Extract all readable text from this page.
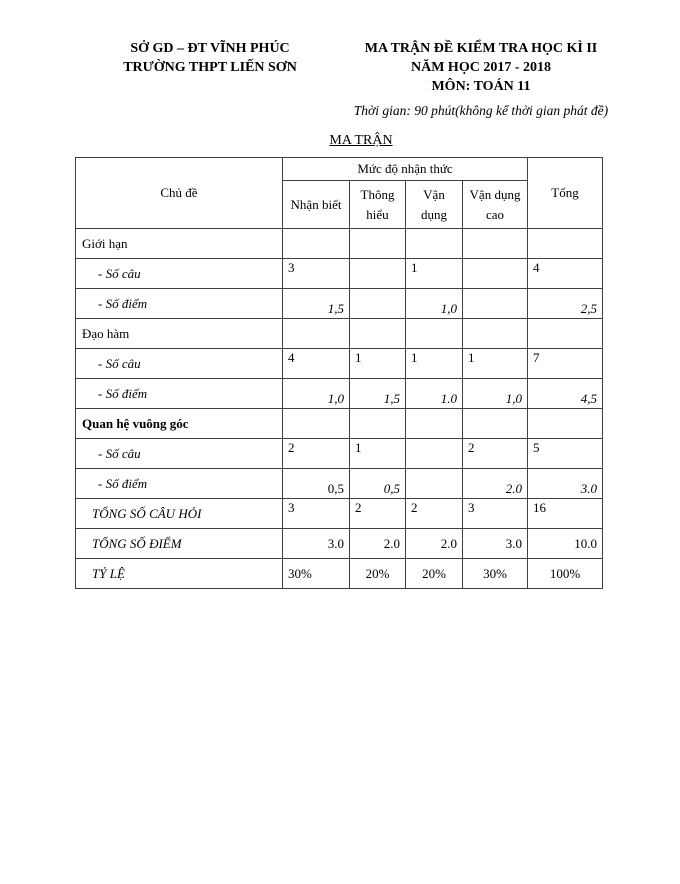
SỞ GD – ĐT VĨNH PHÚC
TRƯỜNG THPT LIẾN SƠN
MA TRẬN ĐỀ KIỂM TRA HỌC KÌ II
NĂM HỌC 2017 - 2018
MÔN: TOÁN 11
Thời gian: 90 phút(không kể thời gian phát đề)
MA TRẬN
Chủ đề	Mức độ nhận thức				Tổng
	Nhận biết	Thông hiểu	Vận dụng	Vận dụng cao	
Giới hạn					
- Số câu	3		1		4
- Số điểm	1,5		1,0		2,5
Đạo hàm					
- Số câu	4	1	1	1	7
- Số điểm	1,0	1,5	1.0	1,0	4,5
Quan hệ vuông góc					
- Số câu	2	1		2	5
- Số điểm	0,5	0,5		2.0	3.0
TỔNG SỐ CÂU HỎI	3	2	2	3	16
TỔNG SỐ ĐIỂM	3.0	2.0	2.0	3.0	10.0
TỶ LỆ	30%	20%	20%	30%	100%
